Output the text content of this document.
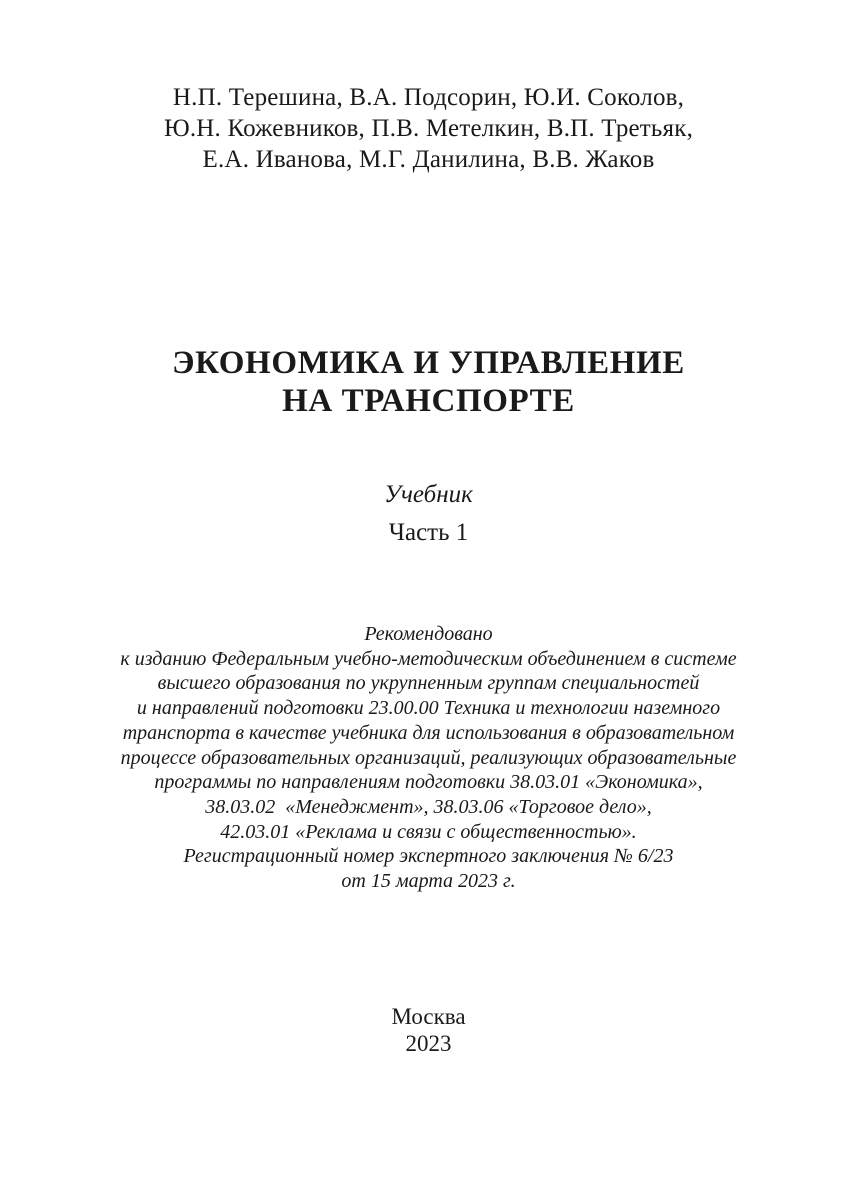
Н.П. Терешина, В.А. Подсорин, Ю.И. Соколов,
Ю.Н. Кожевников, П.В. Метелкин, В.П. Третьяк,
Е.А. Иванова, М.Г. Данилина, В.В. Жаков
ЭКОНОМИКА И УПРАВЛЕНИЕ
НА ТРАНСПОРТЕ
Учебник
Часть 1
Рекомендовано
к изданию Федеральным учебно-методическим объединением в системе
высшего образования по укрупненным группам специальностей
и направлений подготовки 23.00.00 Техника и технологии наземного
транспорта в качестве учебника для использования в образовательном
процессе образовательных организаций, реализующих образовательные
программы по направлениям подготовки 38.03.01 «Экономика»,
38.03.02  «Менеджмент», 38.03.06 «Торговое дело»,
42.03.01 «Реклама и связи с общественностью».
Регистрационный номер экспертного заключения № 6/23
от 15 марта 2023 г.
Москва
2023
